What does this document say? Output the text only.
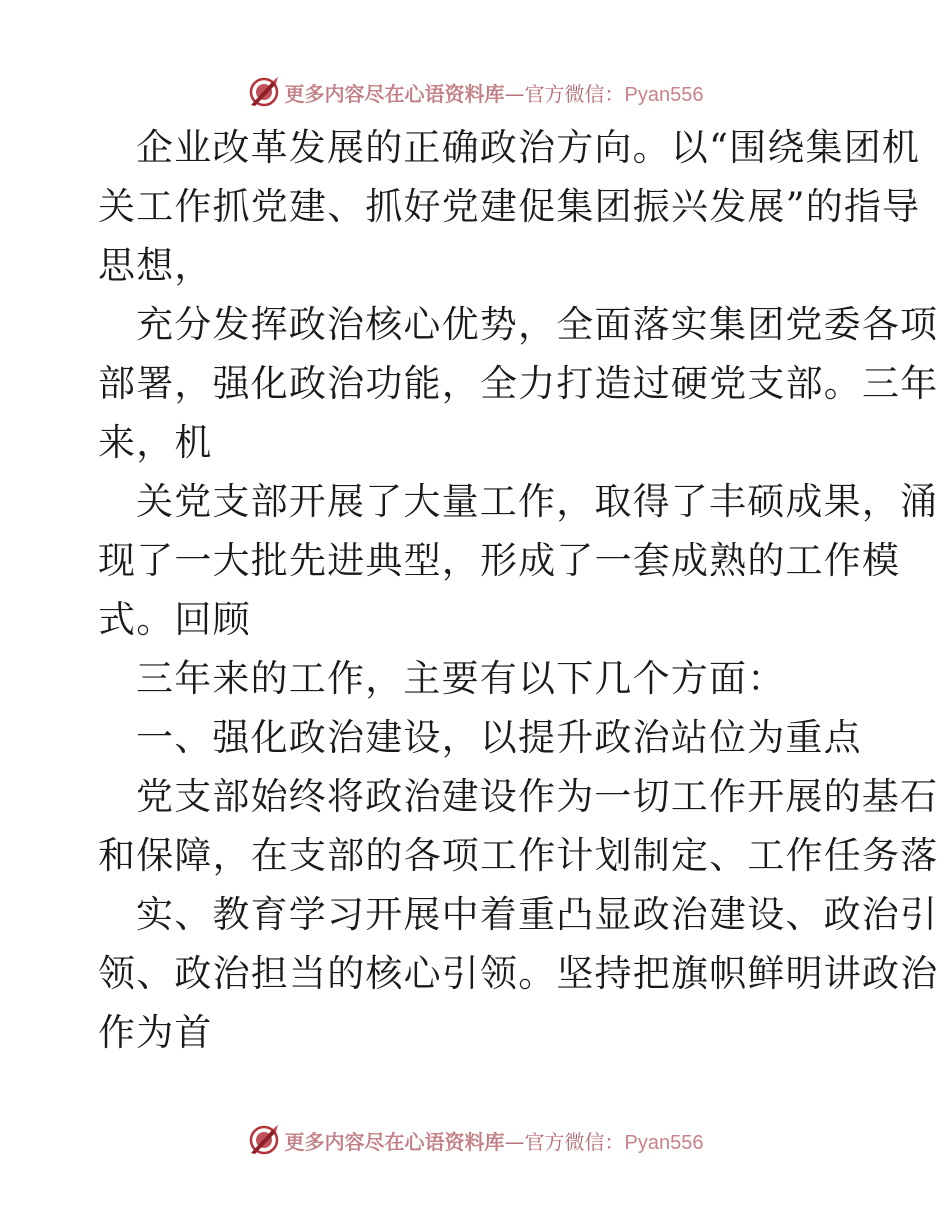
更多内容尽在心语资料库—官方微信：Pyan556
企业改革发展的正确政治方向。以“围绕集团机
关工作抓党建、抓好党建促集团振兴发展”的指导
思想，
充分发挥政治核心优势，全面落实集团党委各项
部署，强化政治功能，全力打造过硬党支部。三年
来，机
关党支部开展了大量工作，取得了丰硕成果，涌
现了一大批先进典型，形成了一套成熟的工作模
式。回顾
三年来的工作，主要有以下几个方面：
一、强化政治建设，以提升政治站位为重点
党支部始终将政治建设作为一切工作开展的基石
和保障，在支部的各项工作计划制定、工作任务落
实、教育学习开展中着重凸显政治建设、政治引
领、政治担当的核心引领。坚持把旗帜鲜明讲政治
作为首
更多内容尽在心语资料库—官方微信：Pyan556
